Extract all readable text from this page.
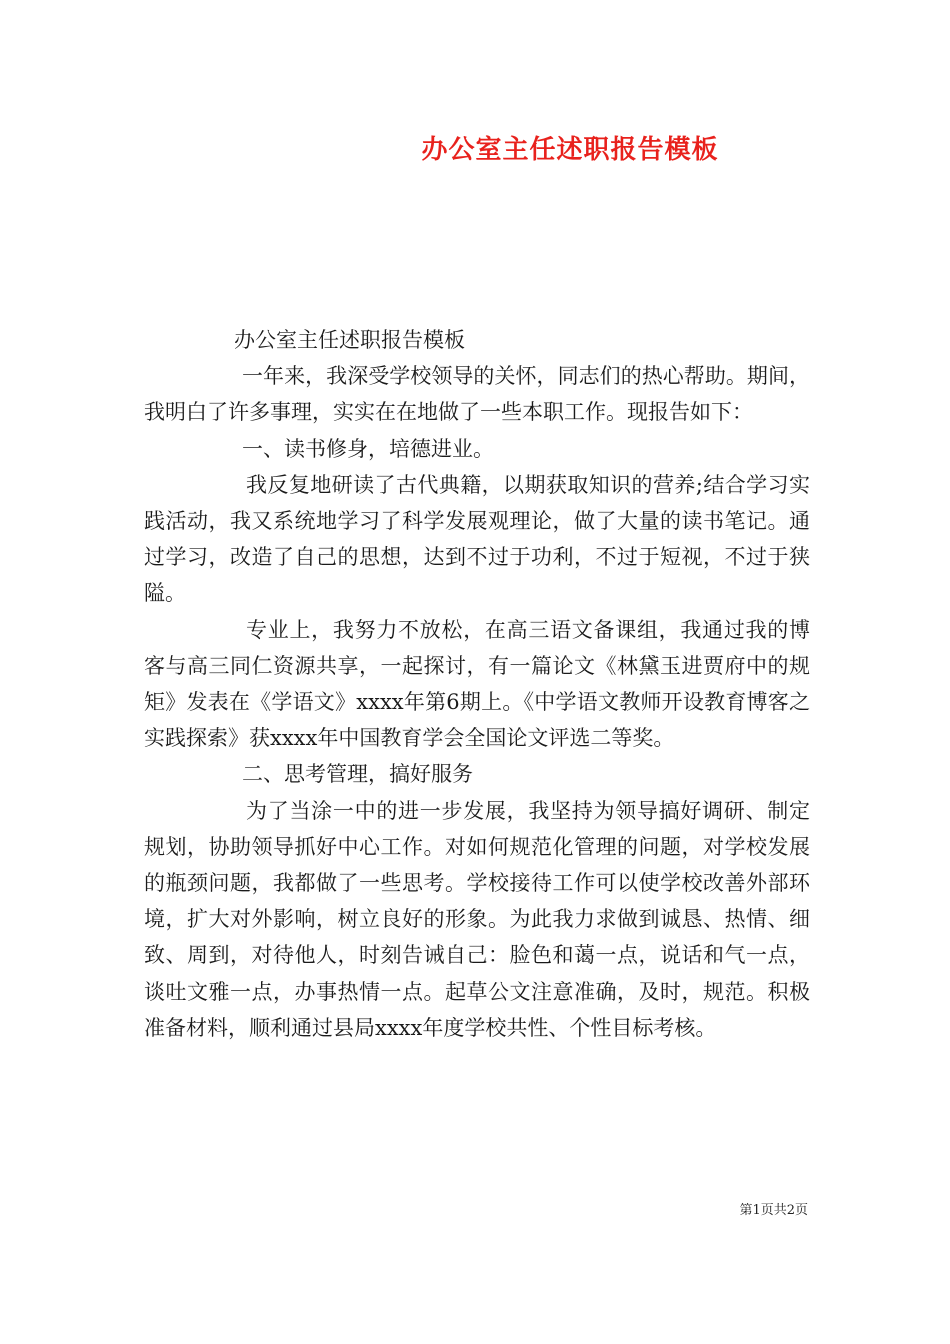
办公室主任述职报告模板

办公室主任述职报告模板

一年来，我深受学校领导的关怀，同志们的热心帮助。期间，我明白了许多事理，实实在在地做了一些本职工作。现报告如下：

一、读书修身，培德进业。

我反复地研读了古代典籍，以期获取知识的营养;结合学习实践活动，我又系统地学习了科学发展观理论，做了大量的读书笔记。通过学习，改造了自己的思想，达到不过于功利，不过于短视，不过于狭隘。

专业上，我努力不放松，在高三语文备课组，我通过我的博客与高三同仁资源共享，一起探讨，有一篇论文《林黛玉进贾府中的规矩》发表在《学语文》xxxx年第6期上。《中学语文教师开设教育博客之实践探索》获xxxx年中国教育学会全国论文评选二等奖。

二、思考管理，搞好服务

为了当涂一中的进一步发展，我坚持为领导搞好调研、制定规划，协助领导抓好中心工作。对如何规范化管理的问题，对学校发展的瓶颈问题，我都做了一些思考。学校接待工作可以使学校改善外部环境，扩大对外影响，树立良好的形象。为此我力求做到诚恳、热情、细致、周到，对待他人，时刻告诫自己：脸色和蔼一点，说话和气一点，谈吐文雅一点，办事热情一点。起草公文注意准确，及时，规范。积极准备材料，顺利通过县局xxxx年度学校共性、个性目标考核。

第1页共2页
